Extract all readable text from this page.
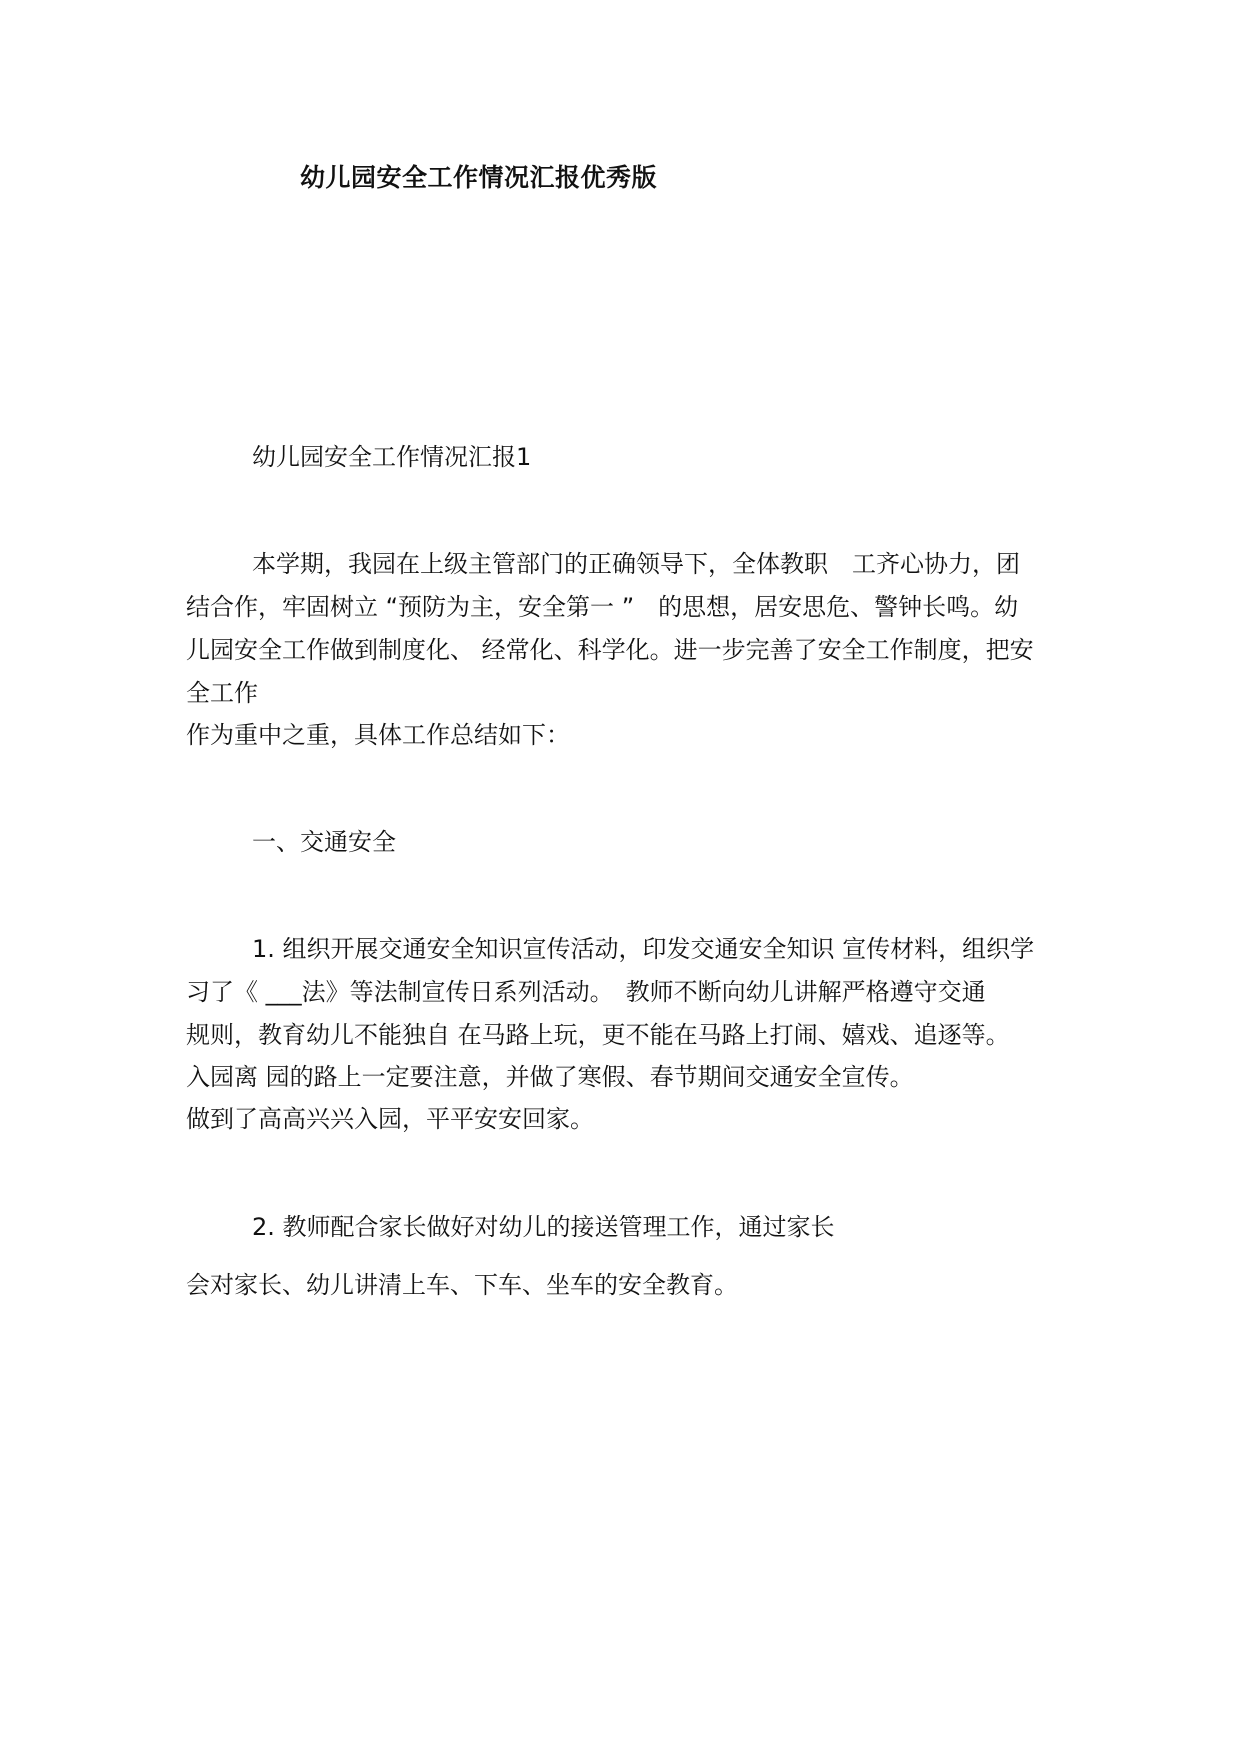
幼儿园安全工作情况汇报优秀版
幼儿园安全工作情况汇报1
本学期，我园在上级主管部门的正确领导下，全体教职　工齐心协力，团
结合作，牢固树立 “预防为主，安全第一 ”　的思想，居安思危、警钟长鸣。幼
儿园安全工作做到制度化、 经常化、科学化。进一步完善了安全工作制度，把安
全工作
作为重中之重，具体工作总结如下：
一、交通安全
1. 组织开展交通安全知识宣传活动，印发交通安全知识 宣传材料，组织学
习了《 ___法》等法制宣传日系列活动。　教师不断向幼儿讲解严格遵守交通
规则，教育幼儿不能独自 在马路上玩，更不能在马路上打闹、嬉戏、追逐等。
入园离 园的路上一定要注意，并做了寒假、春节期间交通安全宣传。
做到了高高兴兴入园，平平安安回家。
2. 教师配合家长做好对幼儿的接送管理工作，通过家长
会对家长、幼儿讲清上车、下车、坐车的安全教育。
